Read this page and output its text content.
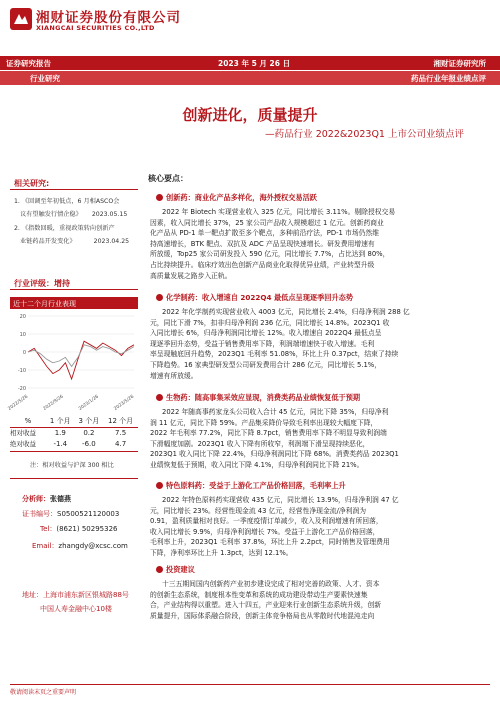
湘财证券股份有限公司
XIANGCAI SECURITIES CO.,LTD
证券研究报告	2023 年 5 月 26 日	湘财证券研究所
行业研究	药品行业年报业绩点评
创新进化，质量提升
—药品行业 2022&2023Q1 上市公司业绩点评
相关研究:
1. 《回调至年初低点，6 月相ASCO会
议有望触发行情企稳》 2023.05.15
2. 《指数回暖，重视政策转向创新产
业链药品开发变化》	2023.04.25
行业评级：增持
近十二个月行业表现
20
10
0
-10
-20
2022/5/26	2022/9/26	2023/1/26	2023/5/26
%	1 个月	3 个月	12 个月
相对收益	1.9	0.2	7.5
绝对收益	-1.4	-6.0	4.7
注：相对收益与沪深 300 相比
分析师：张德燕
证书编号：S0500521120003
Tel：(8621) 50295326
Email：zhangdy@xcsc.com
地址：上海市浦东新区银城路88号
中国人寿金融中心10楼
核心要点：
创新药：商业化产品多样化，海外授权交易活跃
2022 年 Biotech 实现营业收入 325 亿元，同比增长 3.11%。剔除授权交易
因素，收入同比增长 37%，25 家公司产品收入规模超过 1 亿元。创新药商业
化产品从 PD-1 单一靶点扩散至多个靶点，多种前沿疗法，PD-1 市场仍然维
持高速增长，BTK 靶点、双抗及 ADC 产品呈现快速增长。研发费用增速有
所放缓，Top25 家公司研发投入 590 亿元，同比增长 7.7%，占比达到 80%，
占比持续提升。临床疗效出色创新产品商业化取得优异业绩，产业转型升级
高质量发展之路步入正轨。
化学制药：收入增速自 2022Q4 最低点呈现逐季回升态势
2022 年化学制药实现营业收入 4003 亿元，同比增长 2.4%，归母净利润 288 亿
元，同比下滑 7%，扣非归母净利润 236 亿元，同比增长 14.8%。2023Q1 收
入同比增长 6%，归母净利润同比增长 12%。收入增速自 2022Q4 最低点呈
现逐季回升态势，受益于销售费用率下降，利润端增速快于收入增速。毛利
率呈现触底回升趋势，2023Q1 毛利率 51.08%，环比上升 0.37pct，结束了持续
下降趋势。16 家典型研发型公司研发费用合计 286 亿元，同比增长 5.1%，
增速有所放缓。
生物药：随高事集采效应显现，消费类药品业绩恢复低于预期
2022 年随高事药家龙头公司收入合计 45 亿元，同比下降 35%，归母净利
润 11 亿元，同比下降 59%。产品集采降价导致毛利率出现较大幅度下降，
2022 年毛利率 77.2%，同比下降 8.7pct，销售费用率下降不明显导致利润端
下滑幅度加剧。2023Q1 收入下降有所收窄，利润端下滑呈现持续恶化，
2023Q1 收入同比下降 22.4%，归母净利润同比下降 68%。消费类药品 2023Q1
业绩恢复低于预期，收入同比下降 4.1%，归母净利润同比下降 21%。
特色原料药：受益于上游化工产品价格回落，毛利率上升
2022 年特色原料药实现营收 435 亿元，同比增长 13.9%，归母净利润 47 亿
元，同比增长 23%。经营性现金流 43 亿元，经营性净现金流/净利润为
0.91，盈利质量相对良好。一季度疫情订单减少，收入及利润增速有所回落，
收入同比增长 9.9%，归母净利润增长 7%。受益于上游化工产品价格回落，
毛利率上升，2023Q1 毛利率 37.8%，环比上升 2.2pct，同时销售及管理费用
下降，净利率环比上升 1.3pct，达到 12.1%。
投资建议
十三五期间国内创新药产业初步建设完成了相对完善的政策、人才、资本
的创新生态系统，制度根本性变革和系统的成功建设带动生产要素快速集
合，产业结构得以重塑。进入十四五，产业迎来行业创新生态系统升级，创新
质量提升，国际体系融合阶段，创新主体竞争格局也从零散时代地混沌走向
敬请阅读末页之重要声明
